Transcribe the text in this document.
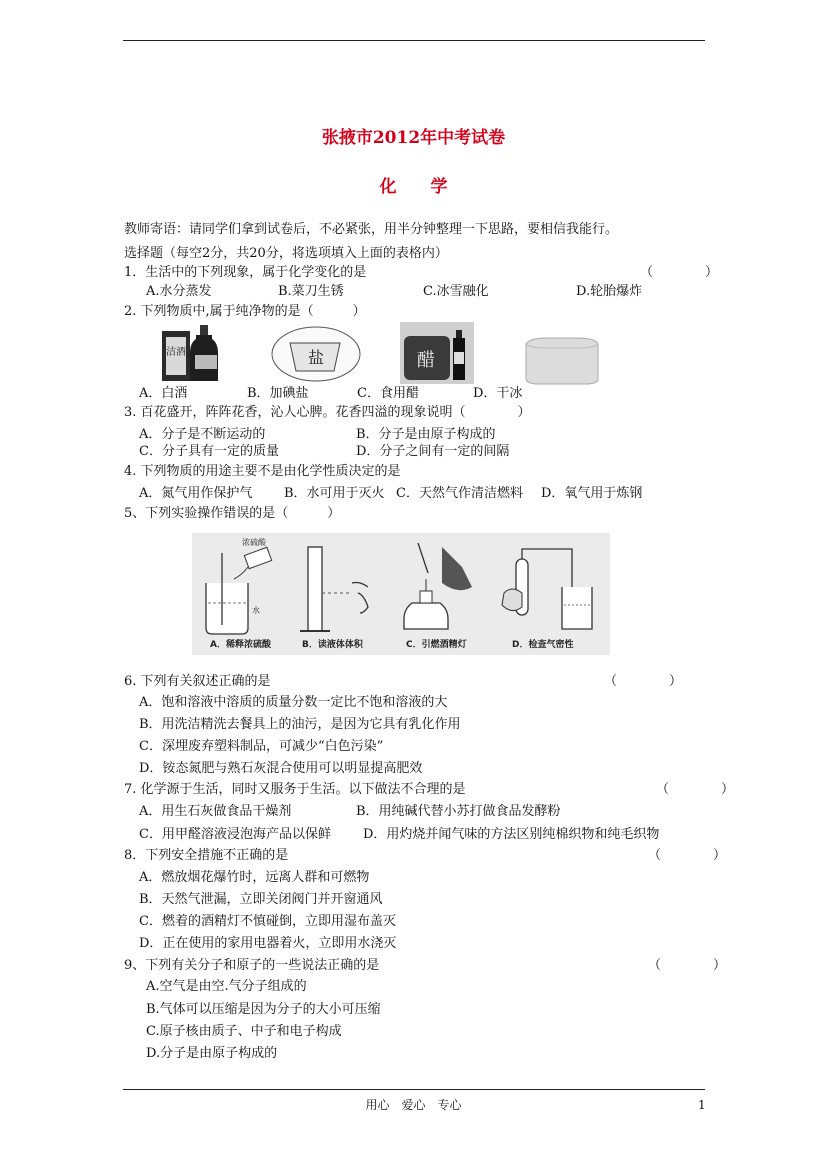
张掖市2012年中考试卷
化　　学
教师寄语：请同学们拿到试卷后，不必紧张，用半分钟整理一下思路，要相信我能行。
选择题（每空2分，共20分，将选项填入上面的表格内）
1．生活中的下列现象，属于化学变化的是	（　　　　）
A.水分蒸发	B.菜刀生锈	C.冰雪融化	D.轮胎爆炸
2. 下列物质中,属于纯净物的是（　　　）
洁酒	盐	醋
A．白酒	B．加碘盐	C．食用醋	D．干冰
3. 百花盛开，阵阵花香，沁人心脾。花香四溢的现象说明（　　　　）
A．分子是不断运动的	B．分子是由原子构成的
C．分子具有一定的质量	D．分子之间有一定的间隔
4. 下列物质的用途主要不是由化学性质决定的是
A．氮气用作保护气 B．水可用于灭火 C．天然气作清洁燃料 D．氧气用于炼钢
5、下列实验操作错误的是（　　　）
浓硫酸
水
A．稀释浓硫酸	B．读液体体积	C．引燃酒精灯	D．检查气密性
6. 下列有关叙述正确的是	（　　　　）
A．饱和溶液中溶质的质量分数一定比不饱和溶液的大
B．用洗洁精洗去餐具上的油污，是因为它具有乳化作用
C．深埋废弃塑料制品，可减少“白色污染”
D．铵态氮肥与熟石灰混合使用可以明显提高肥效
7. 化学源于生活，同时又服务于生活。以下做法不合理的是	（　　　　）
A．用生石灰做食品干燥剂	B．用纯碱代替小苏打做食品发酵粉
C．用甲醛溶液浸泡海产品以保鲜 D．用灼烧并闻气味的方法区别纯棉织物和纯毛织物
8．下列安全措施不正确的是	（　　　　）
A．燃放烟花爆竹时，远离人群和可燃物
B．天然气泄漏，立即关闭阀门并开窗通风
C．燃着的酒精灯不慎碰倒，立即用湿布盖灭
D．正在使用的家用电器着火，立即用水浇灭
9、下列有关分子和原子的一些说法正确的是	（　　　　）
A.空气是由空.气分子组成的
B.气体可以压缩是因为分子的大小可压缩
C.原子核由质子、中子和电子构成
D.分子是由原子构成的
用心　爱心　专心	1
